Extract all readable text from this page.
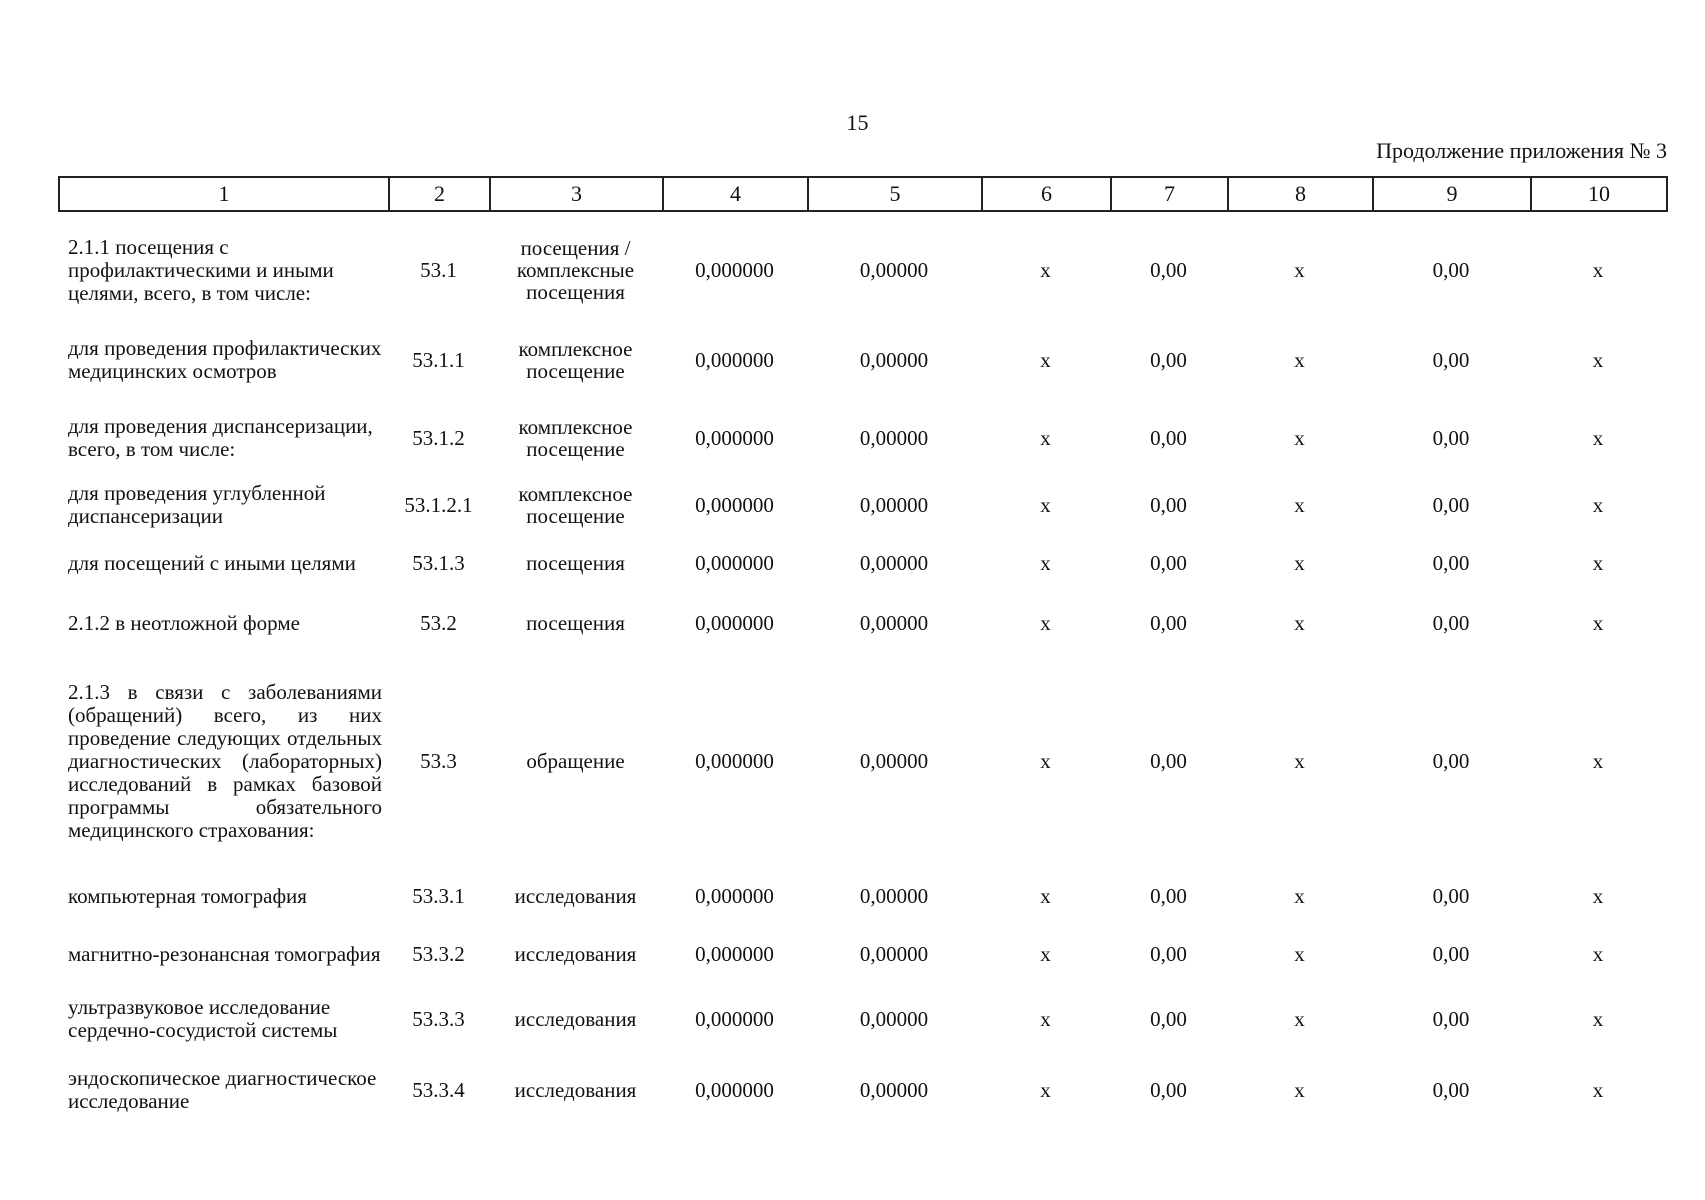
15
Продолжение приложения № 3
1	2	3	4	5	6	7	8	9	10
2.1.1 посещения с профилактическими и иными целями, всего, в том числе:	53.1	посещения / комплексные посещения	0,000000	0,00000	х	0,00	х	0,00	х
для проведения профилактических медицинских осмотров	53.1.1	комплексное посещение	0,000000	0,00000	х	0,00	х	0,00	х
для проведения диспансеризации, всего, в том числе:	53.1.2	комплексное посещение	0,000000	0,00000	х	0,00	х	0,00	х
для проведения углубленной диспансеризации	53.1.2.1	комплексное посещение	0,000000	0,00000	х	0,00	х	0,00	х
для посещений с иными целями	53.1.3	посещения	0,000000	0,00000	х	0,00	х	0,00	х
2.1.2 в неотложной форме	53.2	посещения	0,000000	0,00000	х	0,00	х	0,00	х
2.1.3 в связи с заболеваниями (обращений) всего, из них проведение следующих отдельных диагностических (лабораторных) исследований в рамках базовой программы обязательного медицинского страхования:	53.3	обращение	0,000000	0,00000	х	0,00	х	0,00	х
компьютерная томография	53.3.1	исследования	0,000000	0,00000	х	0,00	х	0,00	х
магнитно-резонансная томография	53.3.2	исследования	0,000000	0,00000	х	0,00	х	0,00	х
ультразвуковое исследование сердечно-сосудистой системы	53.3.3	исследования	0,000000	0,00000	х	0,00	х	0,00	х
эндоскопическое диагностическое исследование	53.3.4	исследования	0,000000	0,00000	х	0,00	х	0,00	х
